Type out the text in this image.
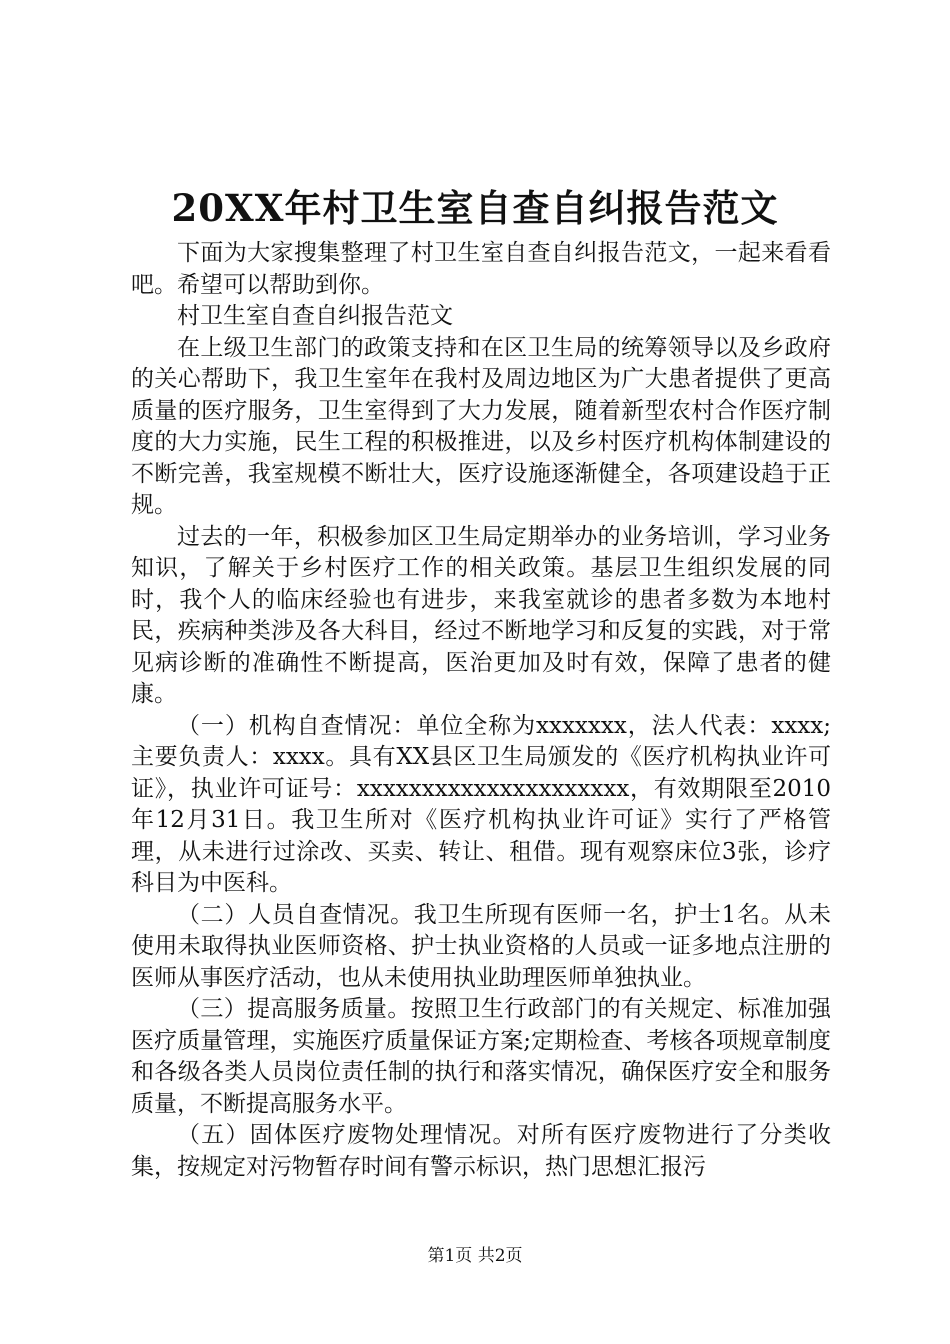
20XX年村卫生室自查自纠报告范文

下面为大家搜集整理了村卫生室自查自纠报告范文，一起来看看吧。希望可以帮助到你。

村卫生室自查自纠报告范文

在上级卫生部门的政策支持和在区卫生局的统筹领导以及乡政府的关心帮助下，我卫生室年在我村及周边地区为广大患者提供了更高质量的医疗服务，卫生室得到了大力发展，随着新型农村合作医疗制度的大力实施，民生工程的积极推进，以及乡村医疗机构体制建设的不断完善，我室规模不断壮大，医疗设施逐渐健全，各项建设趋于正规。

过去的一年，积极参加区卫生局定期举办的业务培训，学习业务知识，了解关于乡村医疗工作的相关政策。基层卫生组织发展的同时，我个人的临床经验也有进步，来我室就诊的患者多数为本地村民，疾病种类涉及各大科目，经过不断地学习和反复的实践，对于常见病诊断的准确性不断提高，医治更加及时有效，保障了患者的健康。

（一）机构自查情况：单位全称为xxxxxxx，法人代表：xxxx;主要负责人：xxxx。具有XX县区卫生局颁发的《医疗机构执业许可证》，执业许可证号：xxxxxxxxxxxxxxxxxxxxx，有效期限至2010年12月31日。我卫生所对《医疗机构执业许可证》实行了严格管理，从未进行过涂改、买卖、转让、租借。现有观察床位3张，诊疗科目为中医科。

（二）人员自查情况。我卫生所现有医师一名，护士1名。从未使用未取得执业医师资格、护士执业资格的人员或一证多地点注册的医师从事医疗活动，也从未使用执业助理医师单独执业。

（三）提高服务质量。按照卫生行政部门的有关规定、标准加强医疗质量管理，实施医疗质量保证方案;定期检查、考核各项规章制度和各级各类人员岗位责任制的执行和落实情况，确保医疗安全和服务质量，不断提高服务水平。

（五）固体医疗废物处理情况。对所有医疗废物进行了分类收集，按规定对污物暂存时间有警示标识，热门思想汇报污

第1页 共2页
